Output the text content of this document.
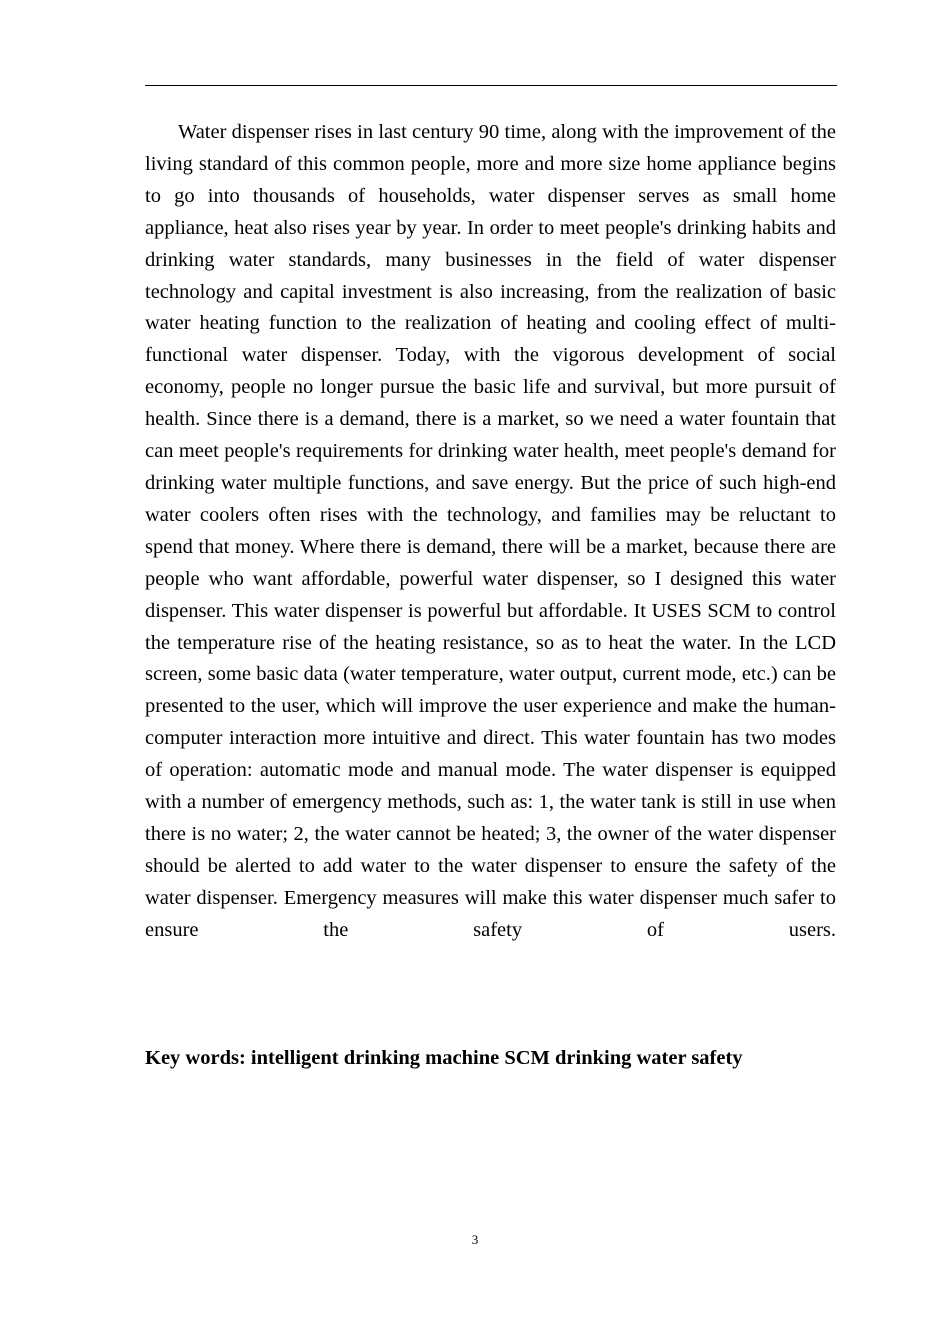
Water dispenser rises in last century 90 time, along with the improvement of the living standard of this common people, more and more size home appliance begins to go into thousands of households, water dispenser serves as small home appliance, heat also rises year by year. In order to meet people's drinking habits and drinking water standards, many businesses in the field of water dispenser technology and capital investment is also increasing, from the realization of basic water heating function to the realization of heating and cooling effect of multi-functional water dispenser. Today, with the vigorous development of social economy, people no longer pursue the basic life and survival, but more pursuit of health. Since there is a demand, there is a market, so we need a water fountain that can meet people's requirements for drinking water health, meet people's demand for drinking water multiple functions, and save energy. But the price of such high-end water coolers often rises with the technology, and families may be reluctant to spend that money. Where there is demand, there will be a market, because there are people who want affordable, powerful water dispenser, so I designed this water dispenser. This water dispenser is powerful but affordable. It USES SCM to control the temperature rise of the heating resistance, so as to heat the water. In the LCD screen, some basic data (water temperature, water output, current mode, etc.) can be presented to the user, which will improve the user experience and make the human-computer interaction more intuitive and direct. This water fountain has two modes of operation: automatic mode and manual mode. The water dispenser is equipped with a number of emergency methods, such as: 1, the water tank is still in use when there is no water; 2, the water cannot be heated; 3, the owner of the water dispenser should be alerted to add water to the water dispenser to ensure the safety of the water dispenser. Emergency measures will make this water dispenser much safer to ensure the safety of users.

Key words: intelligent drinking machine SCM drinking water safety

3
